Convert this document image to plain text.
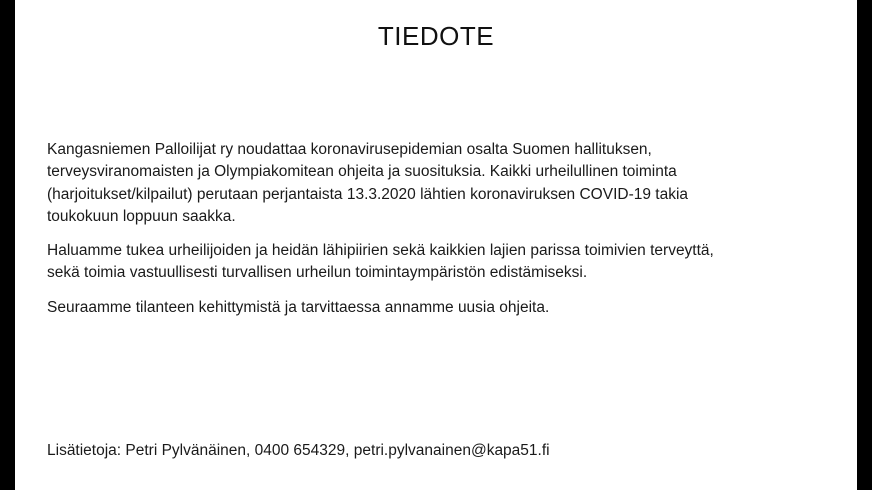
TIEDOTE

Kangasniemen Palloilijat ry noudattaa koronavirusepidemian osalta Suomen hallituksen,
terveysviranomaisten ja Olympiakomitean ohjeita ja suosituksia. Kaikki urheilullinen toiminta
(harjoitukset/kilpailut) perutaan perjantaista 13.3.2020 lähtien koronaviruksen COVID-19 takia
toukokuun loppuun saakka.

Haluamme tukea urheilijoiden ja heidän lähipiirien sekä kaikkien lajien parissa toimivien terveyttä,
sekä toimia vastuullisesti turvallisen urheilun toimintaympäristön edistämiseksi.

Seuraamme tilanteen kehittymistä ja tarvittaessa annamme uusia ohjeita.

Lisätietoja: Petri Pylvänäinen, 0400 654329, petri.pylvanainen@kapa51.fi
